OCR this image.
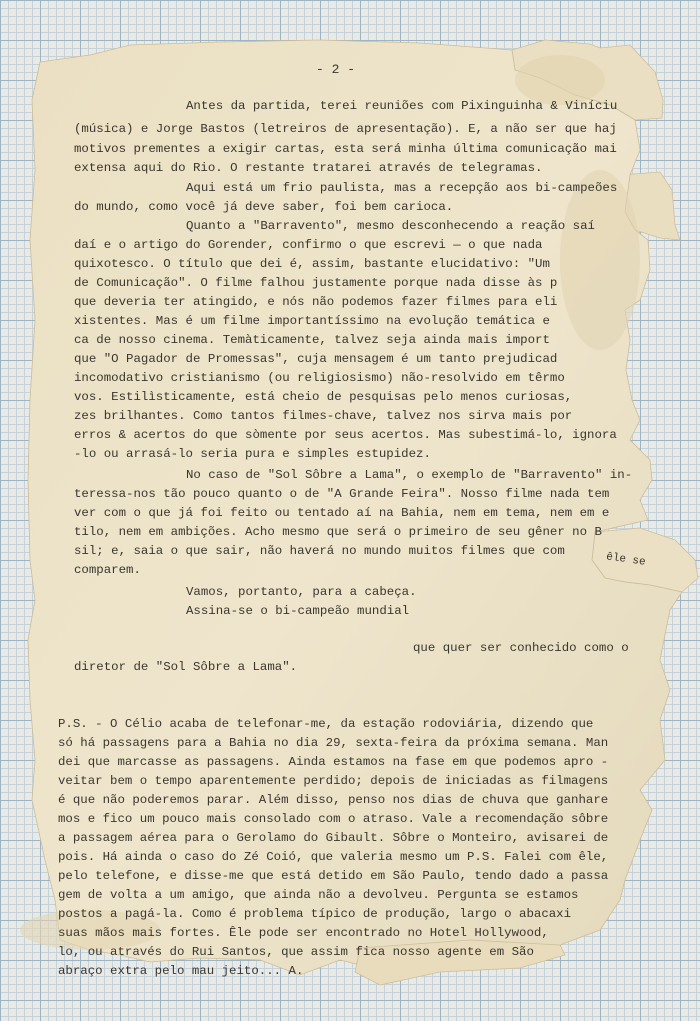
- 2 -

Antes da partida, terei reuniões com Pixinguinha & Viníciu

(música) e Jorge Bastos (letreiros de apresentação). E, a não ser que haj

motivos prementes a exigir cartas, esta será minha última comunicação mai

extensa aqui do Rio. O restante tratarei através de telegramas.

Aqui está um frio paulista, mas a recepção aos bi-campeões

do mundo, como você já deve saber, foi bem carioca.

Quanto a "Barravento", mesmo desconhecendo a reação saí

daí e o artigo do Gorender, confirmo o que escrevi — o que nada

quixotesco. O título que dei é, assim, bastante elucidativo: "Um

de Comunicação". O filme falhou justamente porque nada disse às p

que deveria ter atingido, e nós não podemos fazer filmes para eli

xistentes. Mas é um filme importantíssimo na evolução temática e

ca de nosso cinema. Temàticamente, talvez seja ainda mais import

que "O Pagador de Promessas", cuja mensagem é um tanto prejudicad

incomodativo cristianismo (ou religiosismo) não-resolvido em têrmo

vos. Estilìsticamente, está cheio de pesquisas pelo menos curiosas,

zes brilhantes. Como tantos filmes-chave, talvez nos sirva mais por

erros & acertos do que sòmente por seus acertos. Mas subestimá-lo, ignora

-lo ou arrasá-lo seria pura e simples estupidez.

No caso de "Sol Sôbre a Lama", o exemplo de "Barravento" in-

teressa-nos tão pouco quanto o de "A Grande Feira". Nosso filme nada tem

ver com o que já foi feito ou tentado aí na Bahia, nem em tema, nem em e

tilo, nem em ambições. Acho mesmo que será o primeiro de seu gêner no B

sil; e, saia o que sair, não haverá no mundo muitos filmes que com

comparem.

êle se

Vamos, portanto, para a cabeça.

Assina-se o bi-campeão mundial

que quer ser conhecido como o

diretor de "Sol Sôbre a Lama".

P.S. - O Célio acaba de telefonar-me, da estação rodoviária, dizendo que

só há passagens para a Bahia no dia 29, sexta-feira da próxima semana. Man

dei que marcasse as passagens. Ainda estamos na fase em que podemos apro -

veitar bem o tempo aparentemente perdido; depois de iniciadas as filmagens

é que não poderemos parar. Além disso, penso nos dias de chuva que ganhare

mos e fico um pouco mais consolado com o atraso. Vale a recomendação sôbre

a passagem aérea para o Gerolamo do Gibault. Sôbre o Monteiro, avisarei de

pois. Há ainda o caso do Zé Coió, que valeria mesmo um P.S. Falei com êle,

pelo telefone, e disse-me que está detido em São Paulo, tendo dado a passa

gem de volta a um amigo, que ainda não a devolveu. Pergunta se estamos

postos a pagá-la. Como é problema típico de produção, largo o abacaxi

suas mãos mais fortes. Êle pode ser encontrado no Hotel Hollywood,

lo, ou através do Rui Santos, que assim fica nosso agente em São

abraço extra pelo mau jeito... A.
